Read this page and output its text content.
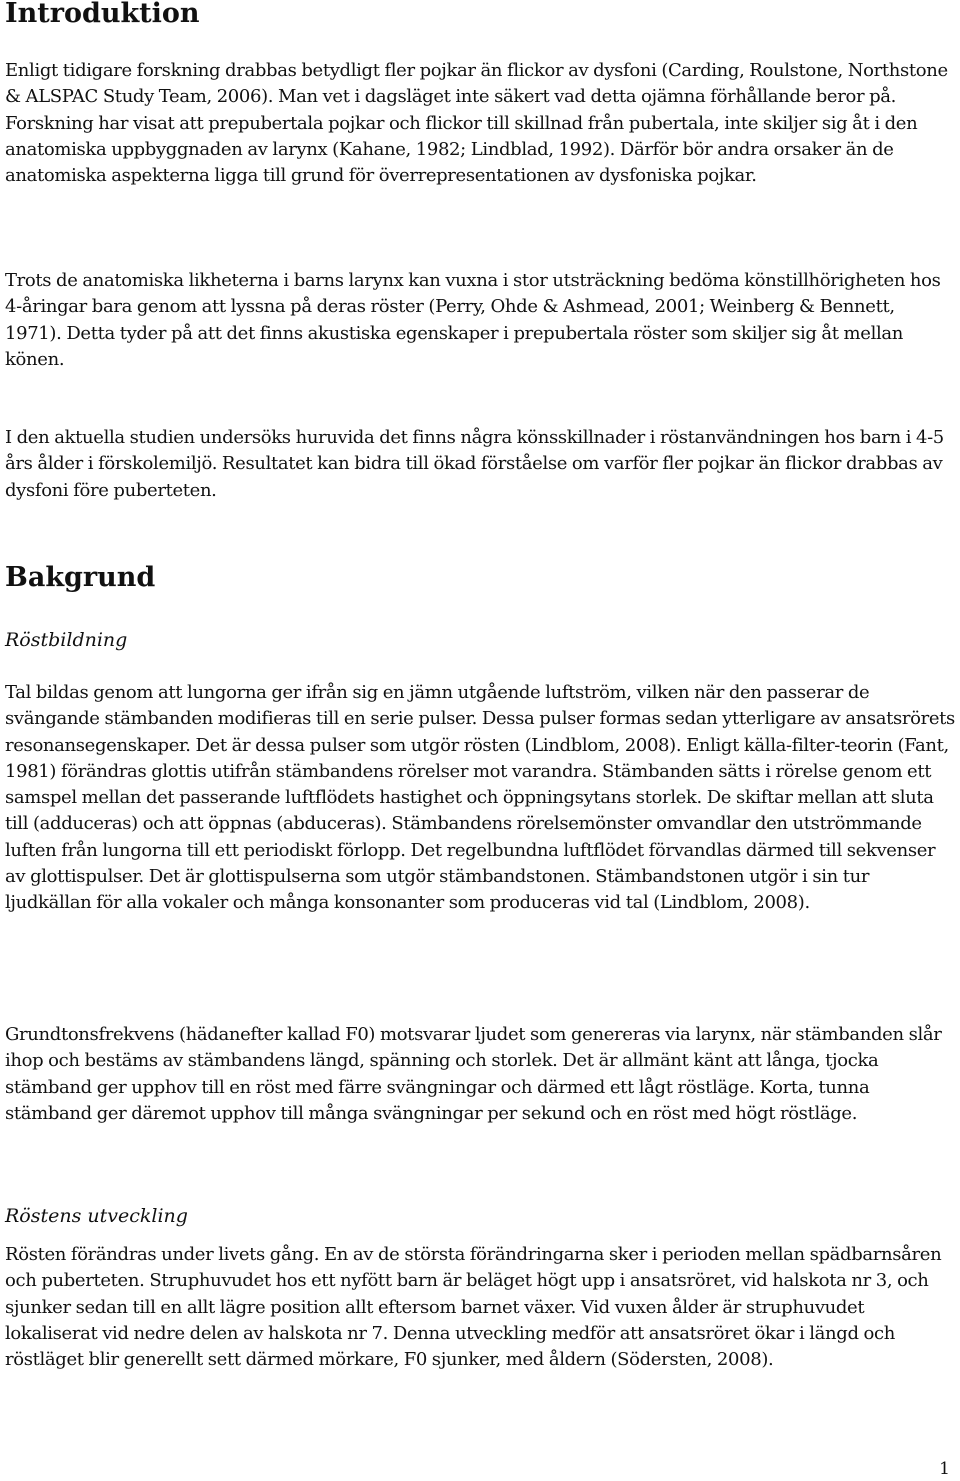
Introduktion

Enligt tidigare forskning drabbas betydligt fler pojkar än flickor av dysfoni (Carding, Roulstone, Northstone & ALSPAC Study Team, 2006). Man vet i dagsläget inte säkert vad detta ojämna förhållande beror på. Forskning har visat att prepubertala pojkar och flickor till skillnad från pubertala, inte skiljer sig åt i den anatomiska uppbyggnaden av larynx (Kahane, 1982; Lindblad, 1992). Därför bör andra orsaker än de anatomiska aspekterna ligga till grund för överrepresentationen av dysfoniska pojkar.

Trots de anatomiska likheterna i barns larynx kan vuxna i stor utsträckning bedöma könstillhörigheten hos 4-åringar bara genom att lyssna på deras röster (Perry, Ohde & Ashmead, 2001; Weinberg & Bennett, 1971). Detta tyder på att det finns akustiska egenskaper i prepubertala röster som skiljer sig åt mellan könen.

I den aktuella studien undersöks huruvida det finns några könsskillnader i röstanvändningen hos barn i 4-5 års ålder i förskolemiljö. Resultatet kan bidra till ökad förståelse om varför fler pojkar än flickor drabbas av dysfoni före puberteten.

Bakgrund
Röstbildning

Tal bildas genom att lungorna ger ifrån sig en jämn utgående luftström, vilken när den passerar de svängande stämbanden modifieras till en serie pulser. Dessa pulser formas sedan ytterligare av ansatsrörets resonansegenskaper. Det är dessa pulser som utgör rösten (Lindblom, 2008). Enligt källa-filter-teorin (Fant, 1981) förändras glottis utifrån stämbandens rörelser mot varandra. Stämbanden sätts i rörelse genom ett samspel mellan det passerande luftflödets hastighet och öppningsytans storlek. De skiftar mellan att sluta till (adduceras) och att öppnas (abduceras). Stämbandens rörelsemönster omvandlar den utströmmande luften från lungorna till ett periodiskt förlopp. Det regelbundna luftflödet förvandlas därmed till sekvenser av glottispulser. Det är glottispulserna som utgör stämbandstonen. Stämbandstonen utgör i sin tur ljudkällan för alla vokaler och många konsonanter som produceras vid tal (Lindblom, 2008).

Grundtonsfrekvens (hädanefter kallad F0) motsvarar ljudet som genereras via larynx, när stämbanden slår ihop och bestäms av stämbandens längd, spänning och storlek. Det är allmänt känt att långa, tjocka stämband ger upphov till en röst med färre svängningar och därmed ett lågt röstläge. Korta, tunna stämband ger däremot upphov till många svängningar per sekund och en röst med högt röstläge.

Röstens utveckling

Rösten förändras under livets gång. En av de största förändringarna sker i perioden mellan spädbarnsåren och puberteten. Struphuvudet hos ett nyfött barn är beläget högt upp i ansatsröret, vid halskota nr 3, och sjunker sedan till en allt lägre position allt eftersom barnet växer. Vid vuxen ålder är struphuvudet lokaliserat vid nedre delen av halskota nr 7. Denna utveckling medför att ansatsröret ökar i längd och röstläget blir generellt sett därmed mörkare, F0 sjunker, med åldern (Södersten, 2008).

1
